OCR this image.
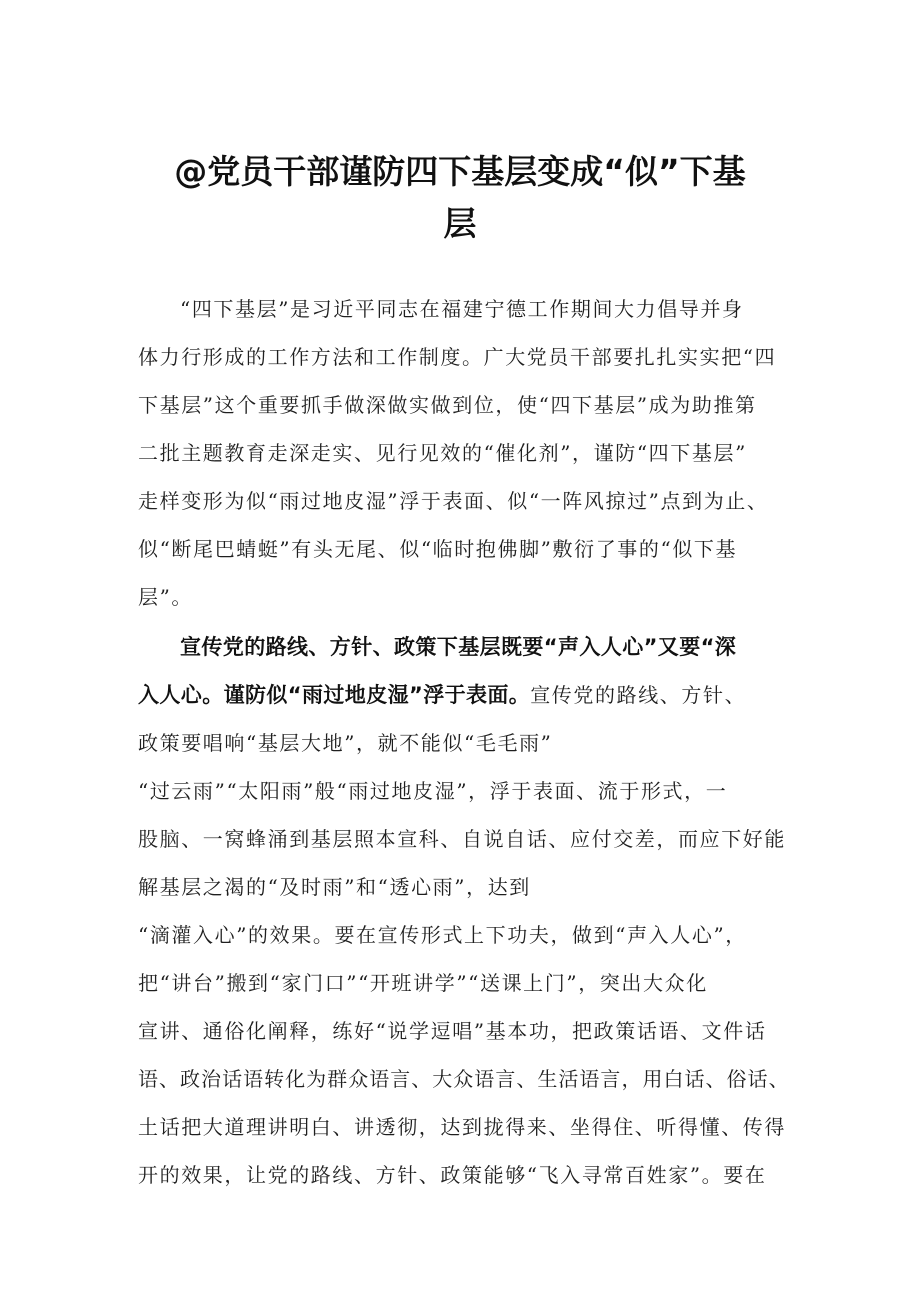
@党员干部谨防四下基层变成“似”下基
层
“四下基层”是习近平同志在福建宁德工作期间大力倡导并身
体力行形成的工作方法和工作制度。广大党员干部要扎扎实实把“四
下基层”这个重要抓手做深做实做到位，使“四下基层”成为助推第
二批主题教育走深走实、见行见效的“催化剂”，谨防“四下基层”
走样变形为似“雨过地皮湿”浮于表面、似“一阵风掠过”点到为止、
似“断尾巴蜻蜓”有头无尾、似“临时抱佛脚”敷衍了事的“似下基
层”。
宣传党的路线、方针、政策下基层既要“声入人心”又要“深
入人心。谨防似“雨过地皮湿”浮于表面。宣传党的路线、方针、
政策要唱响“基层大地”，就不能似“毛毛雨”
“过云雨”“太阳雨”般“雨过地皮湿”，浮于表面、流于形式，一
股脑、一窝蜂涌到基层照本宣科、自说自话、应付交差，而应下好能
解基层之渴的“及时雨”和“透心雨”，达到
“滴灌入心”的效果。要在宣传形式上下功夫，做到“声入人心”，
把“讲台”搬到“家门口”“开班讲学”“送课上门”，突出大众化
宣讲、通俗化阐释，练好“说学逗唱”基本功，把政策话语、文件话
语、政治话语转化为群众语言、大众语言、生活语言，用白话、俗话、
土话把大道理讲明白、讲透彻，达到拢得来、坐得住、听得懂、传得
开的效果，让党的路线、方针、政策能够“飞入寻常百姓家”。要在
